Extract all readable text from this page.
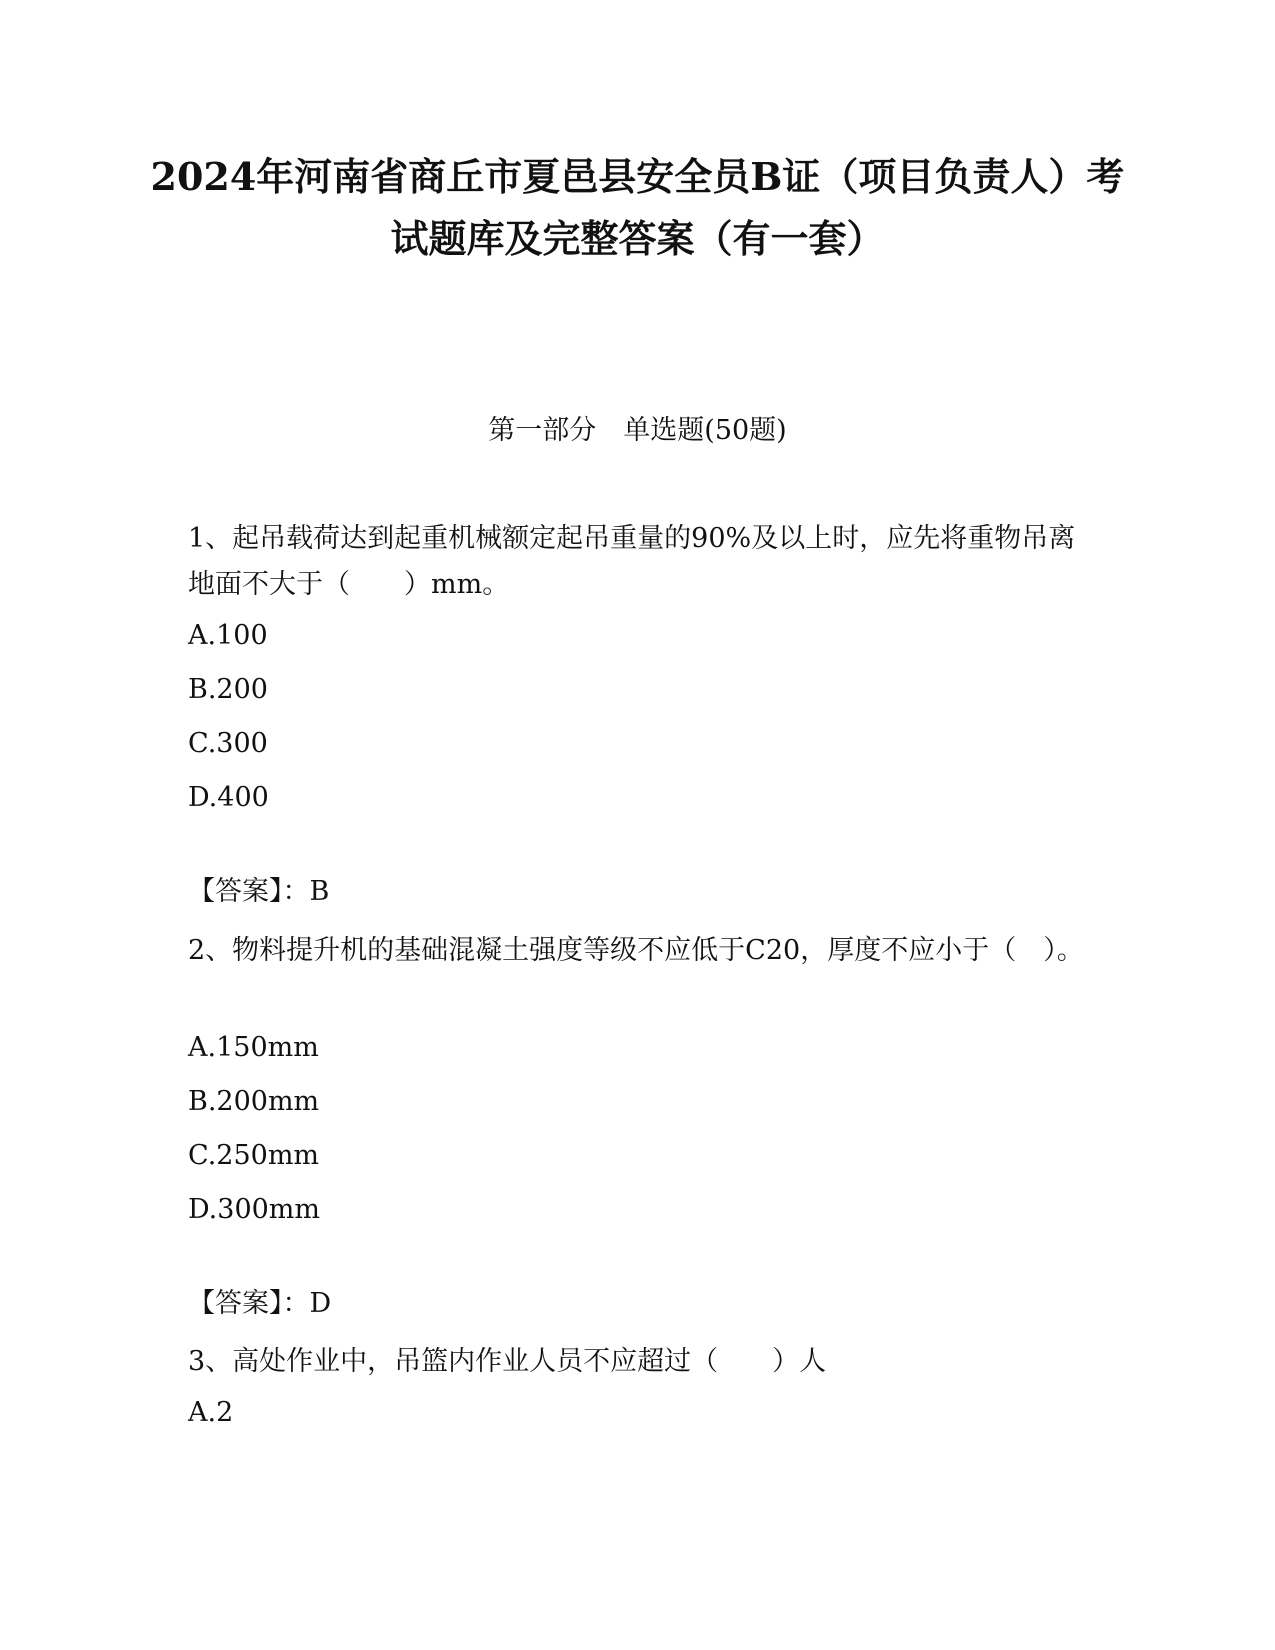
2024年河南省商丘市夏邑县安全员B证（项目负责人）考试题库及完整答案（有一套）
第一部分　单选题(50题)
1、起吊载荷达到起重机械额定起吊重量的90%及以上时，应先将重物吊离地面不大于（　　）mm。
A.100
B.200
C.300
D.400
【答案】：B
2、物料提升机的基础混凝土强度等级不应低于C20，厚度不应小于（　）。
A.150mm
B.200mm
C.250mm
D.300mm
【答案】：D
3、高处作业中，吊篮内作业人员不应超过（　　）人
A.2
